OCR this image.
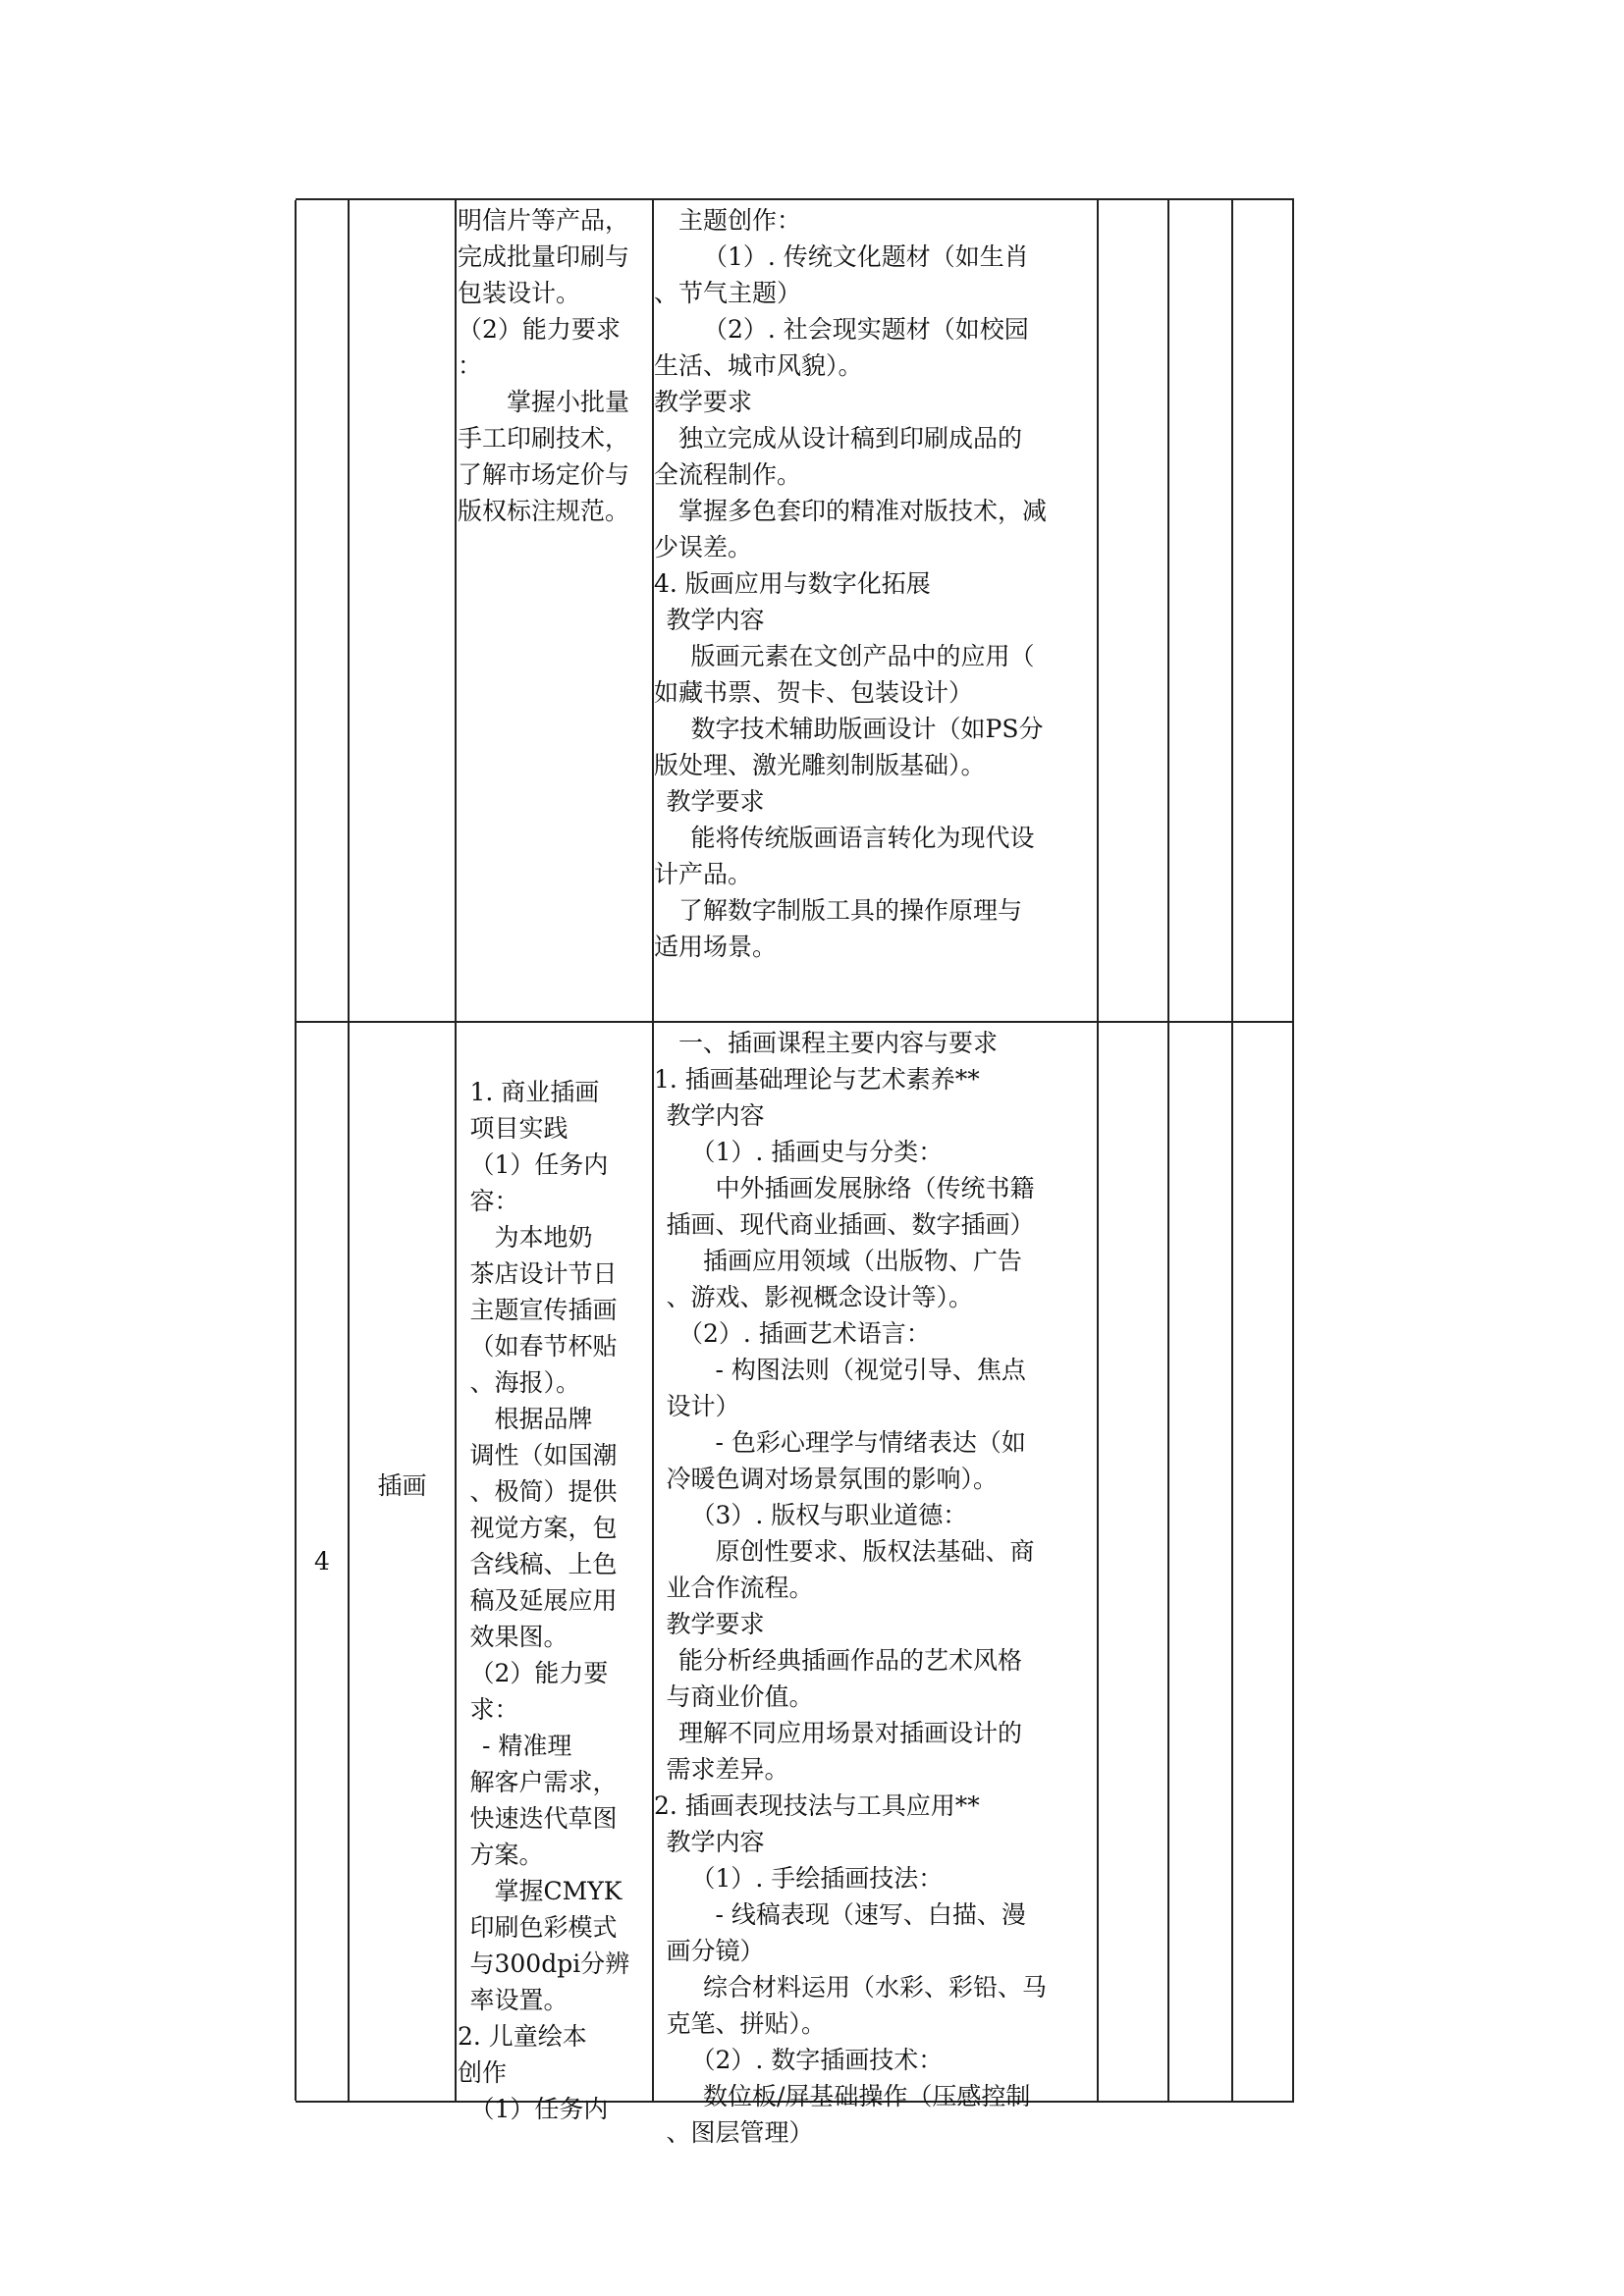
明信片等产品，
完成批量印刷与
包装设计。
（2）能力要求
：
掌握小批量
手工印刷技术，
了解市场定价与
版权标注规范。
主题创作：
（1）. 传统文化题材（如生肖
、节气主题）
（2）. 社会现实题材（如校园
生活、城市风貌）。
教学要求
独立完成从设计稿到印刷成品的
全流程制作。
掌握多色套印的精准对版技术，减
少误差。
4. 版画应用与数字化拓展
教学内容
版画元素在文创产品中的应用（
如藏书票、贺卡、包装设计）
数字技术辅助版画设计（如PS分
版处理、激光雕刻制版基础）。
教学要求
能将传统版画语言转化为现代设
计产品。
了解数字制版工具的操作原理与
适用场景。
4
插画
1. 商业插画
项目实践
（1）任务内
容：
为本地奶
茶店设计节日
主题宣传插画
（如春节杯贴
、海报）。
根据品牌
调性（如国潮
、极简）提供
视觉方案，包
含线稿、上色
稿及延展应用
效果图。
（2）能力要
求：
- 精准理
解客户需求，
快速迭代草图
方案。
掌握CMYK
印刷色彩模式
与300dpi分辨
率设置。
2. 儿童绘本
创作
（1）任务内
一、插画课程主要内容与要求
1. 插画基础理论与艺术素养**
教学内容
（1）. 插画史与分类：
中外插画发展脉络（传统书籍
插画、现代商业插画、数字插画）
插画应用领域（出版物、广告
、游戏、影视概念设计等）。
（2）. 插画艺术语言：
- 构图法则（视觉引导、焦点
设计）
- 色彩心理学与情绪表达（如
冷暖色调对场景氛围的影响）。
（3）. 版权与职业道德：
原创性要求、版权法基础、商
业合作流程。
教学要求
能分析经典插画作品的艺术风格
与商业价值。
理解不同应用场景对插画设计的
需求差异。
2. 插画表现技法与工具应用**
教学内容
（1）. 手绘插画技法：
- 线稿表现（速写、白描、漫
画分镜）
综合材料运用（水彩、彩铅、马
克笔、拼贴）。
（2）. 数字插画技术：
数位板/屏基础操作（压感控制
、图层管理）
